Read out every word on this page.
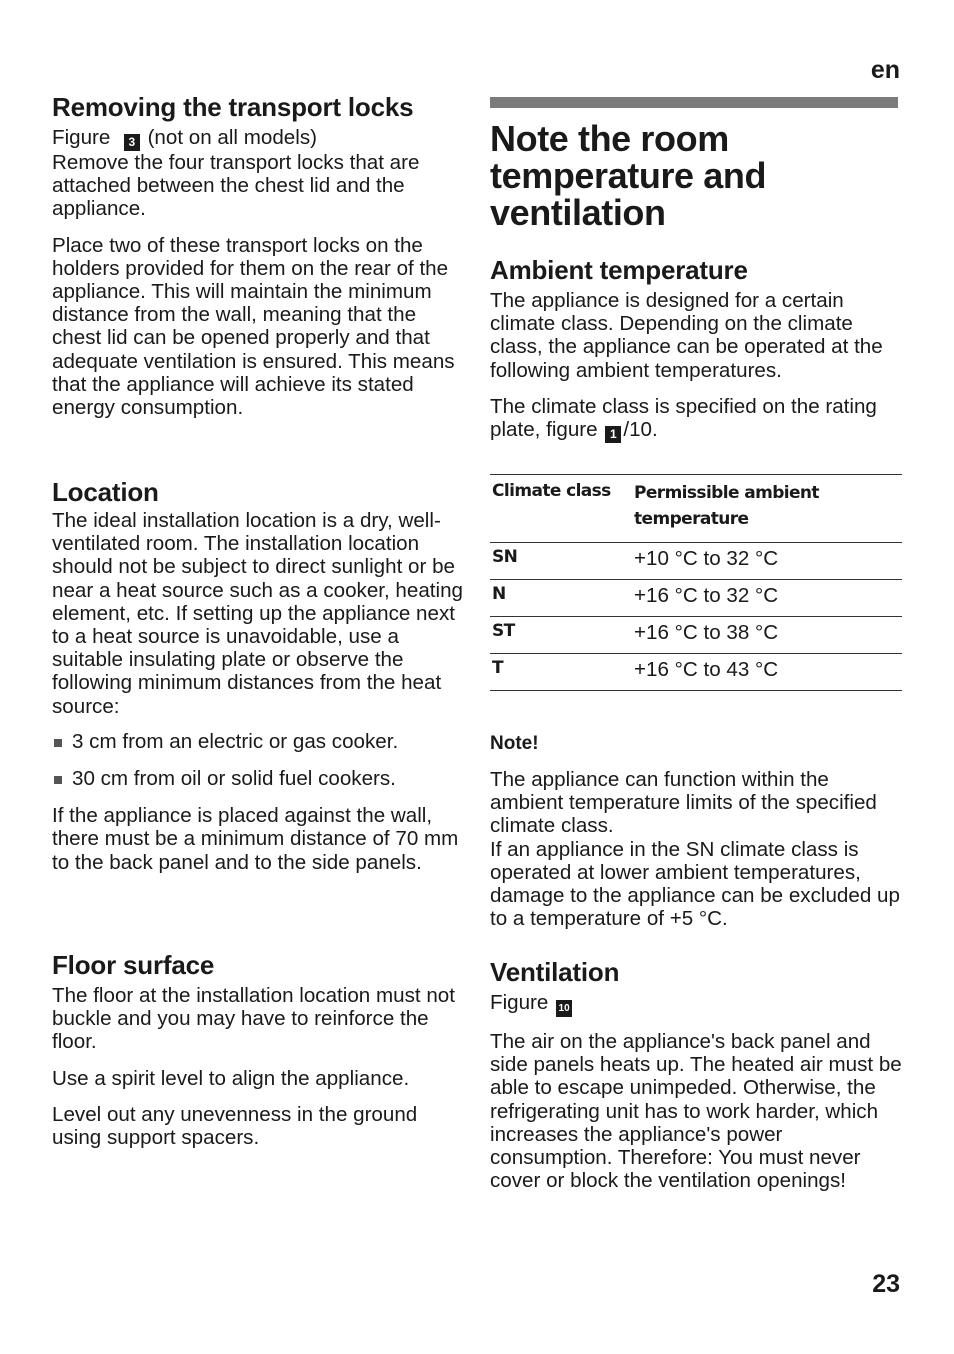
en
Removing the transport locks

Figure 3 (not on all models)

Remove the four transport locks that are attached between the chest lid and the appliance.

Place two of these transport locks on the holders provided for them on the rear of the appliance. This will maintain the minimum distance from the wall, meaning that the chest lid can be opened properly and that adequate ventilation is ensured. This means that the appliance will achieve its stated energy consumption.

Location

The ideal installation location is a dry, well-ventilated room. The installation location should not be subject to direct sunlight or be near a heat source such as a cooker, heating element, etc. If setting up the appliance next to a heat source is unavoidable, use a suitable insulating plate or observe the following minimum distances from the heat source:

3 cm from an electric or gas cooker.
30 cm from oil or solid fuel cookers.

If the appliance is placed against the wall, there must be a minimum distance of 70 mm to the back panel and to the side panels.

Floor surface

The floor at the installation location must not buckle and you may have to reinforce the floor.

Use a spirit level to align the appliance.

Level out any unevenness in the ground using support spacers.

Note the room temperature and ventilation
Ambient temperature

The appliance is designed for a certain climate class. Depending on the climate class, the appliance can be operated at the following ambient temperatures.

The climate class is specified on the rating plate, figure 1 /10.

Climate class	Permissible ambient temperature

SN	+10 °C to 32 °C
N	+16 °C to 32 °C
ST	+16 °C to 38 °C
T	+16 °C to 43 °C
Note!

The appliance can function within the ambient temperature limits of the specified climate class.

If an appliance in the SN climate class is operated at lower ambient temperatures, damage to the appliance can be excluded up to a temperature of +5 °C.

Ventilation

Figure 10

The air on the appliance's back panel and side panels heats up. The heated air must be able to escape unimpeded. Otherwise, the refrigerating unit has to work harder, which increases the appliance's power consumption. Therefore: You must never cover or block the ventilation openings!

23
